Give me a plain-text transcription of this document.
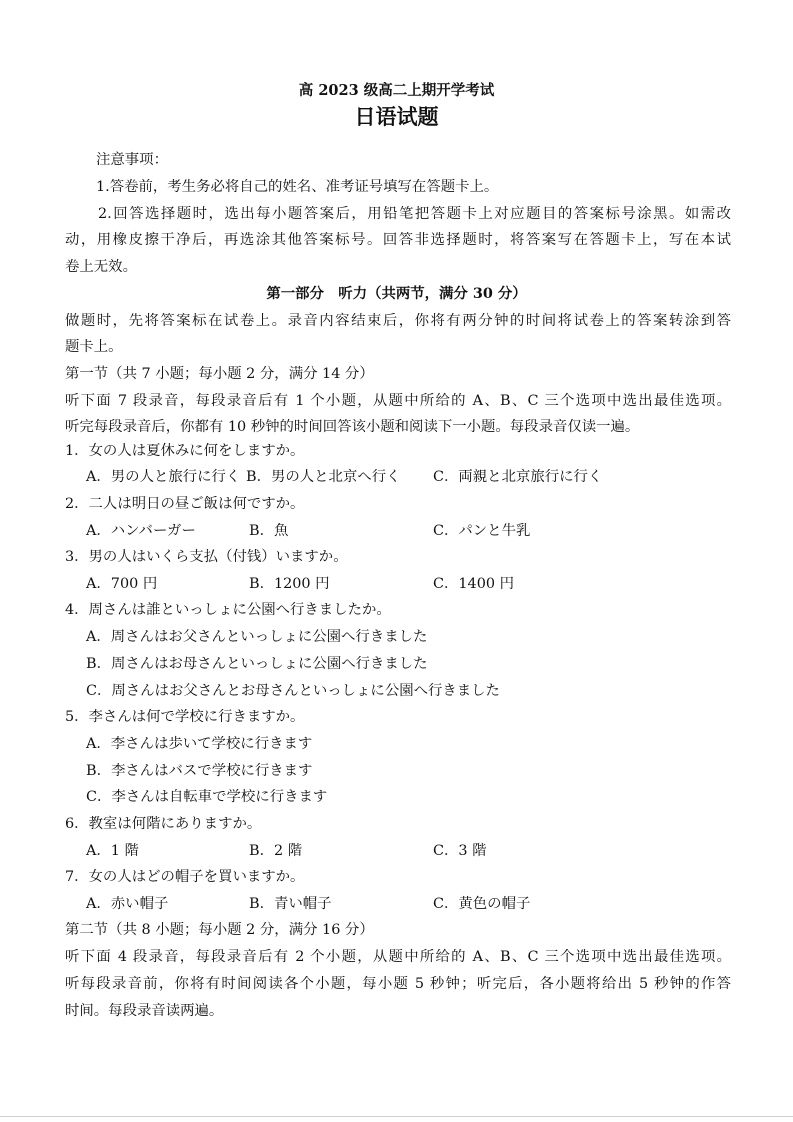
高 2023 级高二上期开学考试
日语试题
注意事项：
1.答卷前，考生务必将自己的姓名、准考证号填写在答题卡上。
2.回答选择题时，选出每小题答案后，用铅笔把答题卡上对应题目的答案标号涂黑。如需改
动，用橡皮擦干净后，再选涂其他答案标号。回答非选择题时，将答案写在答题卡上，写在本试
卷上无效。
第一部分　听力（共两节，满分 30 分）
做题时，先将答案标在试卷上。录音内容结束后，你将有两分钟的时间将试卷上的答案转涂到答
题卡上。
第一节（共 7 小题；每小题 2 分，满分 14 分）
听下面 7 段录音，每段录音后有 1 个小题，从题中所给的 A、B、C 三个选项中选出最佳选项。
听完每段录音后，你都有 10 秒钟的时间回答该小题和阅读下一小题。每段录音仅读一遍。
1．女の人は夏休みに何をしますか。
A．男の人と旅行に行く B．男の人と北京へ行く C．両親と北京旅行に行く
2．二人は明日の昼ご飯は何ですか。
A．ハンバーガー	B．魚	C．パンと牛乳
3．男の人はいくら支払（付钱）いますか。
A．700 円	B．1200 円	C．1400 円
4．周さんは誰といっしょに公園へ行きましたか。
A．周さんはお父さんといっしょに公園へ行きました
B．周さんはお母さんといっしょに公園へ行きました
C．周さんはお父さんとお母さんといっしょに公園へ行きました
5．李さんは何で学校に行きますか。
A．李さんは歩いて学校に行きます
B．李さんはバスで学校に行きます
C．李さんは自転車で学校に行きます
6．教室は何階にありますか。
A．1 階	B．2 階	C．3 階
7．女の人はどの帽子を買いますか。
A．赤い帽子	B．青い帽子	C．黄色の帽子
第二节（共 8 小题；每小题 2 分，满分 16 分）
听下面 4 段录音，每段录音后有 2 个小题，从题中所给的 A、B、C 三个选项中选出最佳选项。
听每段录音前，你将有时间阅读各个小题，每小题 5 秒钟；听完后，各小题将给出 5 秒钟的作答
时间。每段录音读两遍。
